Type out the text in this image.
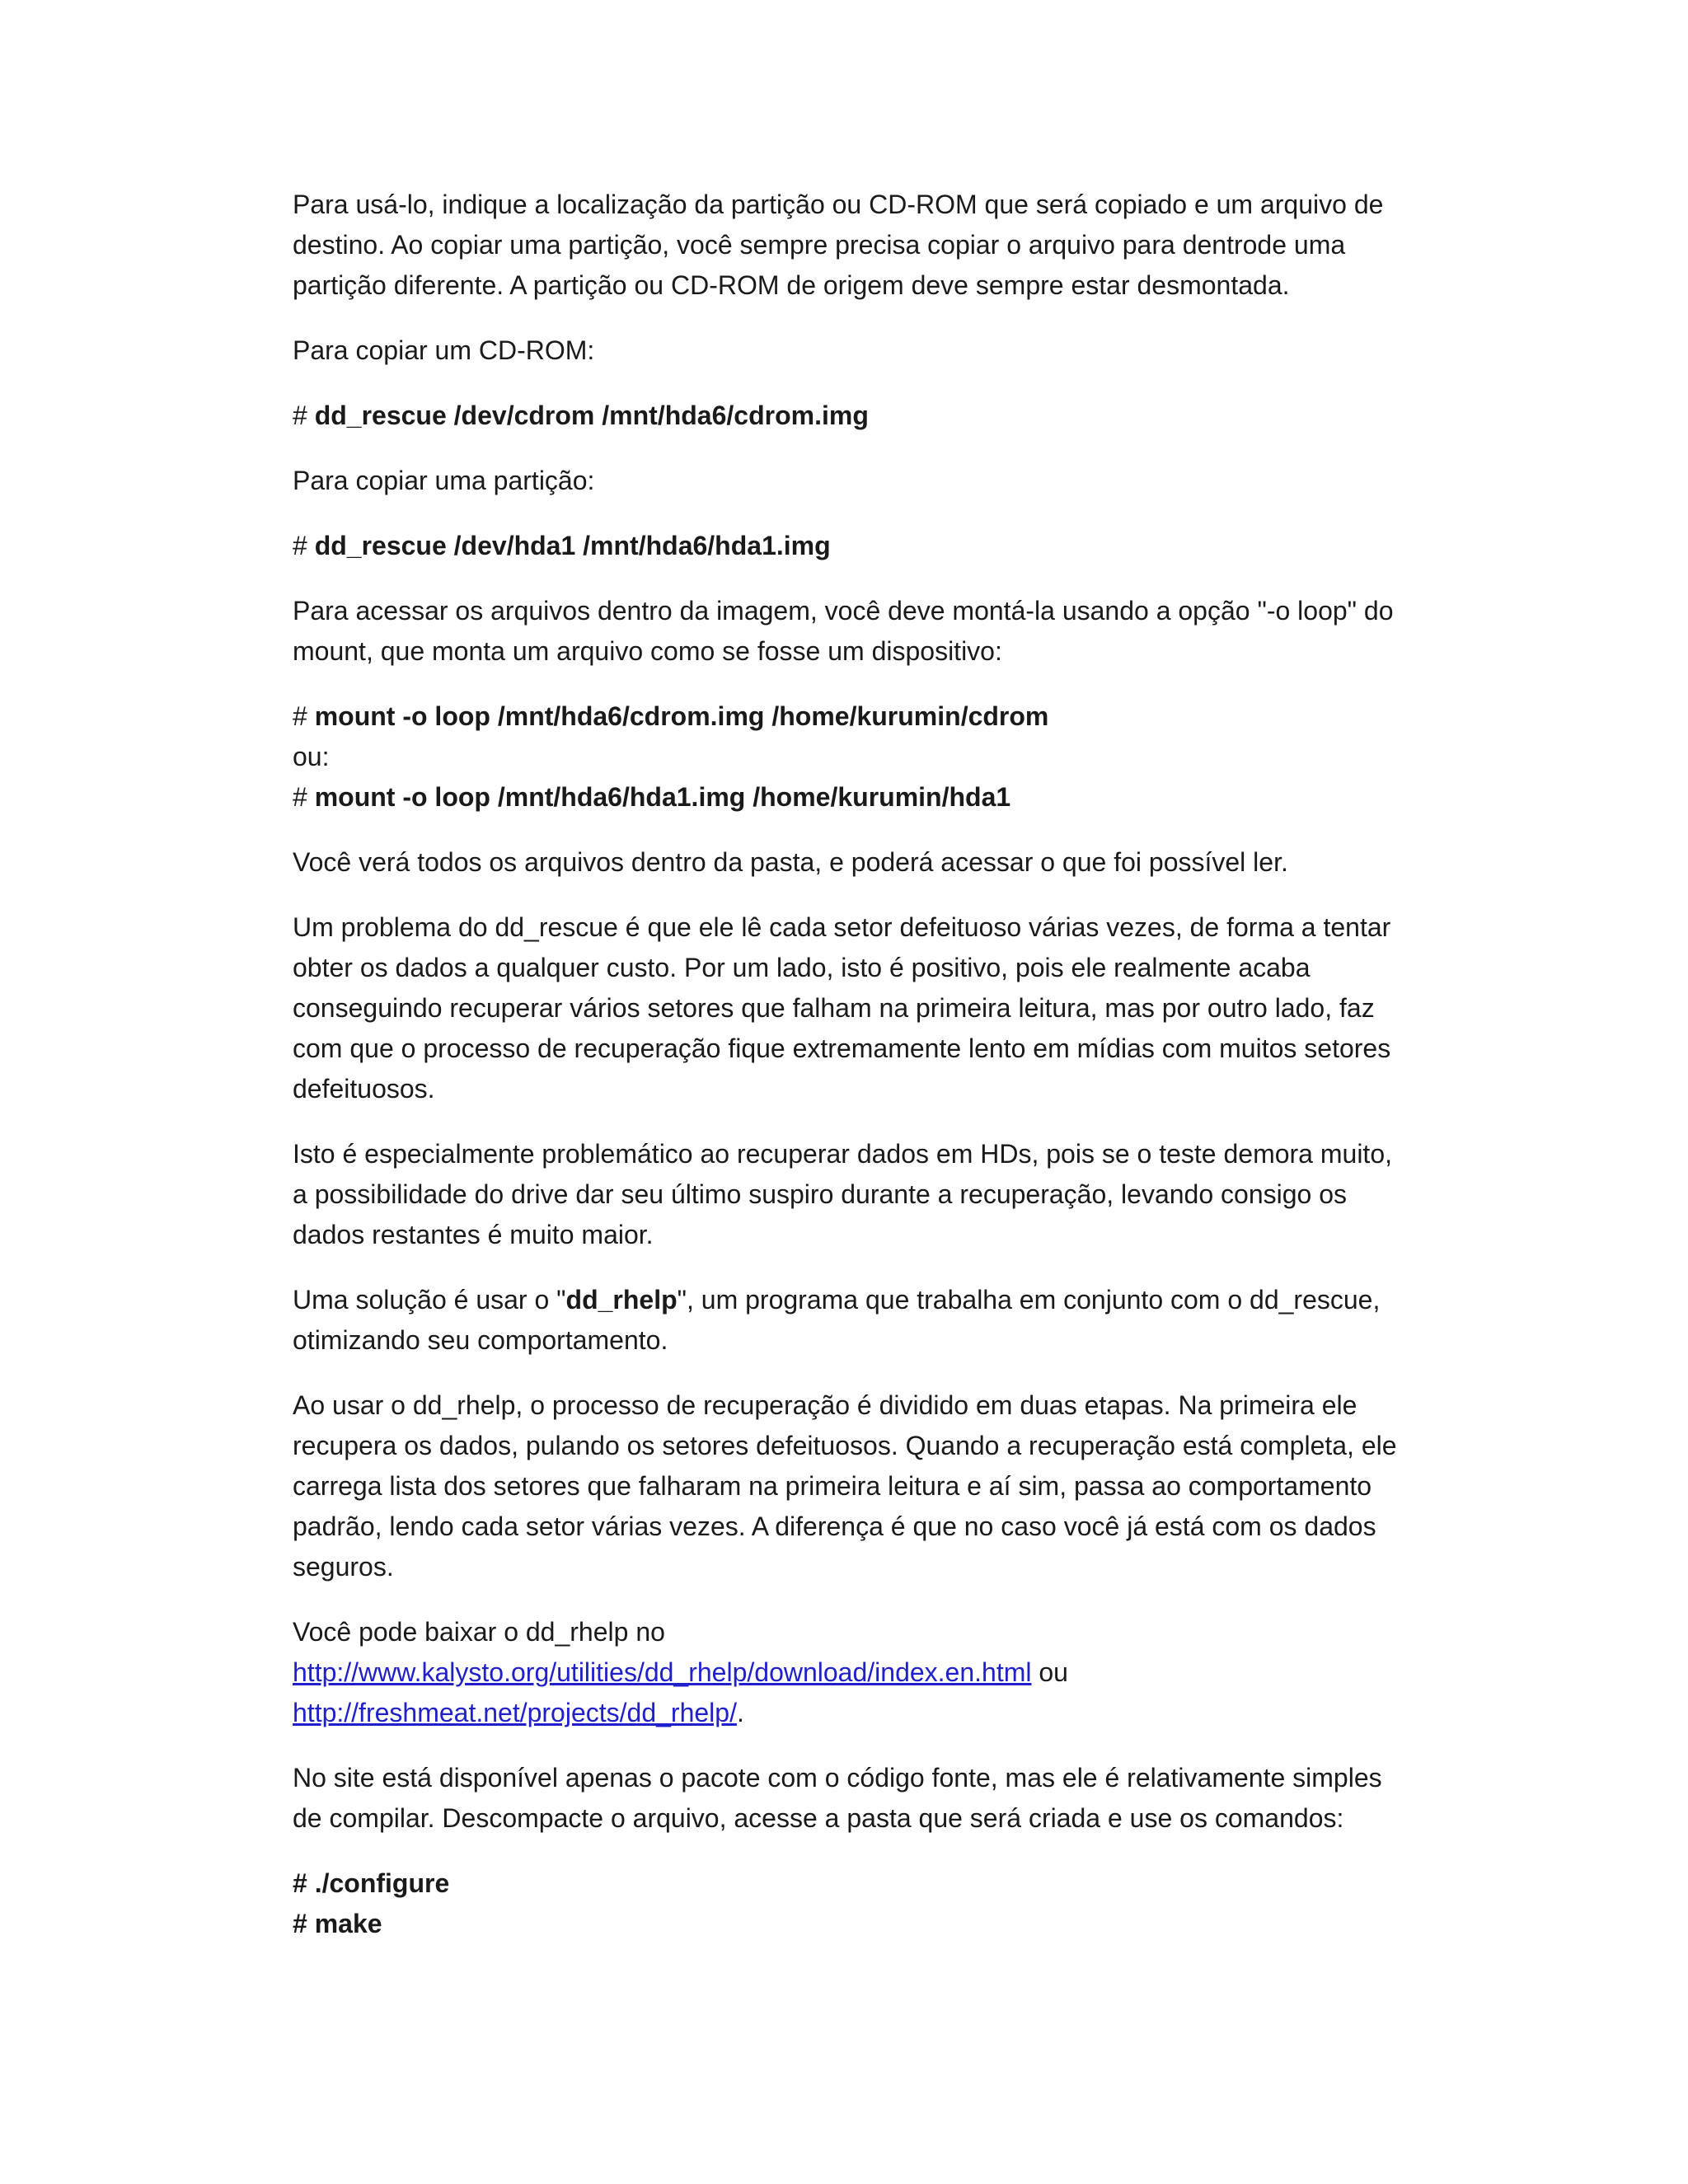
Para usá-lo, indique a localização da partição ou CD-ROM que será copiado e um arquivo de destino. Ao copiar uma partição, você sempre precisa copiar o arquivo para dentrode uma partição diferente. A partição ou CD-ROM de origem deve sempre estar desmontada.

Para copiar um CD-ROM:

# dd_rescue /dev/cdrom /mnt/hda6/cdrom.img

Para copiar uma partição:

# dd_rescue /dev/hda1 /mnt/hda6/hda1.img

Para acessar os arquivos dentro da imagem, você deve montá-la usando a opção "-o loop" do mount, que monta um arquivo como se fosse um dispositivo:

# mount -o loop /mnt/hda6/cdrom.img /home/kurumin/cdrom
ou:
# mount -o loop /mnt/hda6/hda1.img /home/kurumin/hda1

Você verá todos os arquivos dentro da pasta, e poderá acessar o que foi possível ler.

Um problema do dd_rescue é que ele lê cada setor defeituoso várias vezes, de forma a tentar obter os dados a qualquer custo. Por um lado, isto é positivo, pois ele realmente acaba conseguindo recuperar vários setores que falham na primeira leitura, mas por outro lado, faz com que o processo de recuperação fique extremamente lento em mídias com muitos setores defeituosos.

Isto é especialmente problemático ao recuperar dados em HDs, pois se o teste demora muito, a possibilidade do drive dar seu último suspiro durante a recuperação, levando consigo os dados restantes é muito maior.

Uma solução é usar o "dd_rhelp", um programa que trabalha em conjunto com o dd_rescue, otimizando seu comportamento.

Ao usar o dd_rhelp, o processo de recuperação é dividido em duas etapas. Na primeira ele recupera os dados, pulando os setores defeituosos. Quando a recuperação está completa, ele carrega lista dos setores que falharam na primeira leitura e aí sim, passa ao comportamento padrão, lendo cada setor várias vezes. A diferença é que no caso você já está com os dados seguros.

Você pode baixar o dd_rhelp no
http://www.kalysto.org/utilities/dd_rhelp/download/index.en.html ou
http://freshmeat.net/projects/dd_rhelp/.

No site está disponível apenas o pacote com o código fonte, mas ele é relativamente simples de compilar. Descompacte o arquivo, acesse a pasta que será criada e use os comandos:

# ./configure
# make
